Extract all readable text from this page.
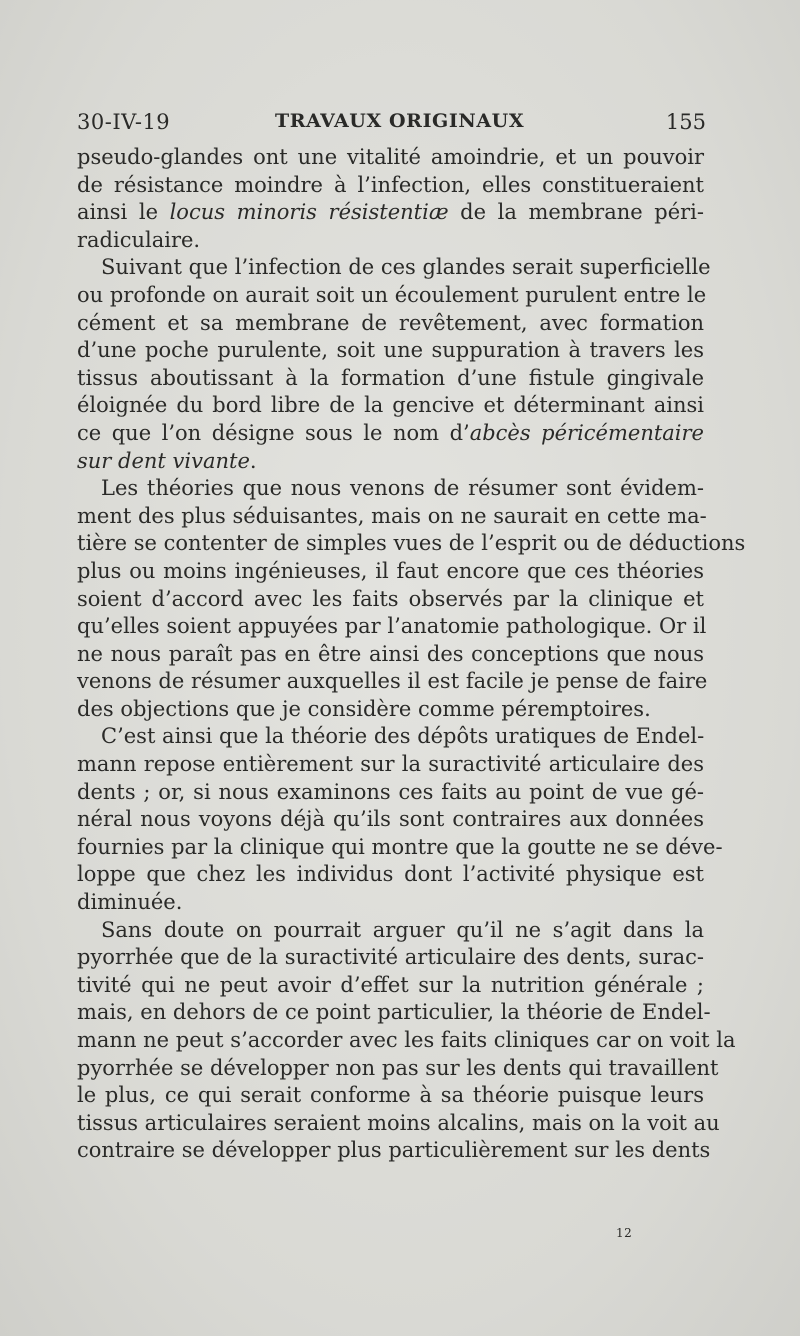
30-IV-19	TRAVAUX ORIGINAUX	155
pseudo-glandes ont une vitalité amoindrie, et un pouvoir
de résistance moindre à l’infection, elles constitueraient
ainsi le locus minoris résistentiæ de la membrane péri-
radiculaire.
Suivant que l’infection de ces glandes serait superficielle
ou profonde on aurait soit un écoulement purulent entre le
cément et sa membrane de revêtement, avec formation
d’une poche purulente, soit une suppuration à travers les
tissus aboutissant à la formation d’une fistule gingivale
éloignée du bord libre de la gencive et déterminant ainsi
ce que l’on désigne sous le nom d’abcès péricémentaire
sur dent vivante.
Les théories que nous venons de résumer sont évidem-
ment des plus séduisantes, mais on ne saurait en cette ma-
tière se contenter de simples vues de l’esprit ou de déductions
plus ou moins ingénieuses, il faut encore que ces théories
soient d’accord avec les faits observés par la clinique et
qu’elles soient appuyées par l’anatomie pathologique. Or il
ne nous paraît pas en être ainsi des conceptions que nous
venons de résumer auxquelles il est facile je pense de faire
des objections que je considère comme péremptoires.
C’est ainsi que la théorie des dépôts uratiques de Endel-
mann repose entièrement sur la suractivité articulaire des
dents ; or, si nous examinons ces faits au point de vue gé-
néral nous voyons déjà qu’ils sont contraires aux données
fournies par la clinique qui montre que la goutte ne se déve-
loppe que chez les individus dont l’activité physique est
diminuée.
Sans doute on pourrait arguer qu’il ne s’agit dans la
pyorrhée que de la suractivité articulaire des dents, surac-
tivité qui ne peut avoir d’effet sur la nutrition générale ;
mais, en dehors de ce point particulier, la théorie de Endel-
mann ne peut s’accorder avec les faits cliniques car on voit la
pyorrhée se développer non pas sur les dents qui travaillent
le plus, ce qui serait conforme à sa théorie puisque leurs
tissus articulaires seraient moins alcalins, mais on la voit au
contraire se développer plus particulièrement sur les dents
12
